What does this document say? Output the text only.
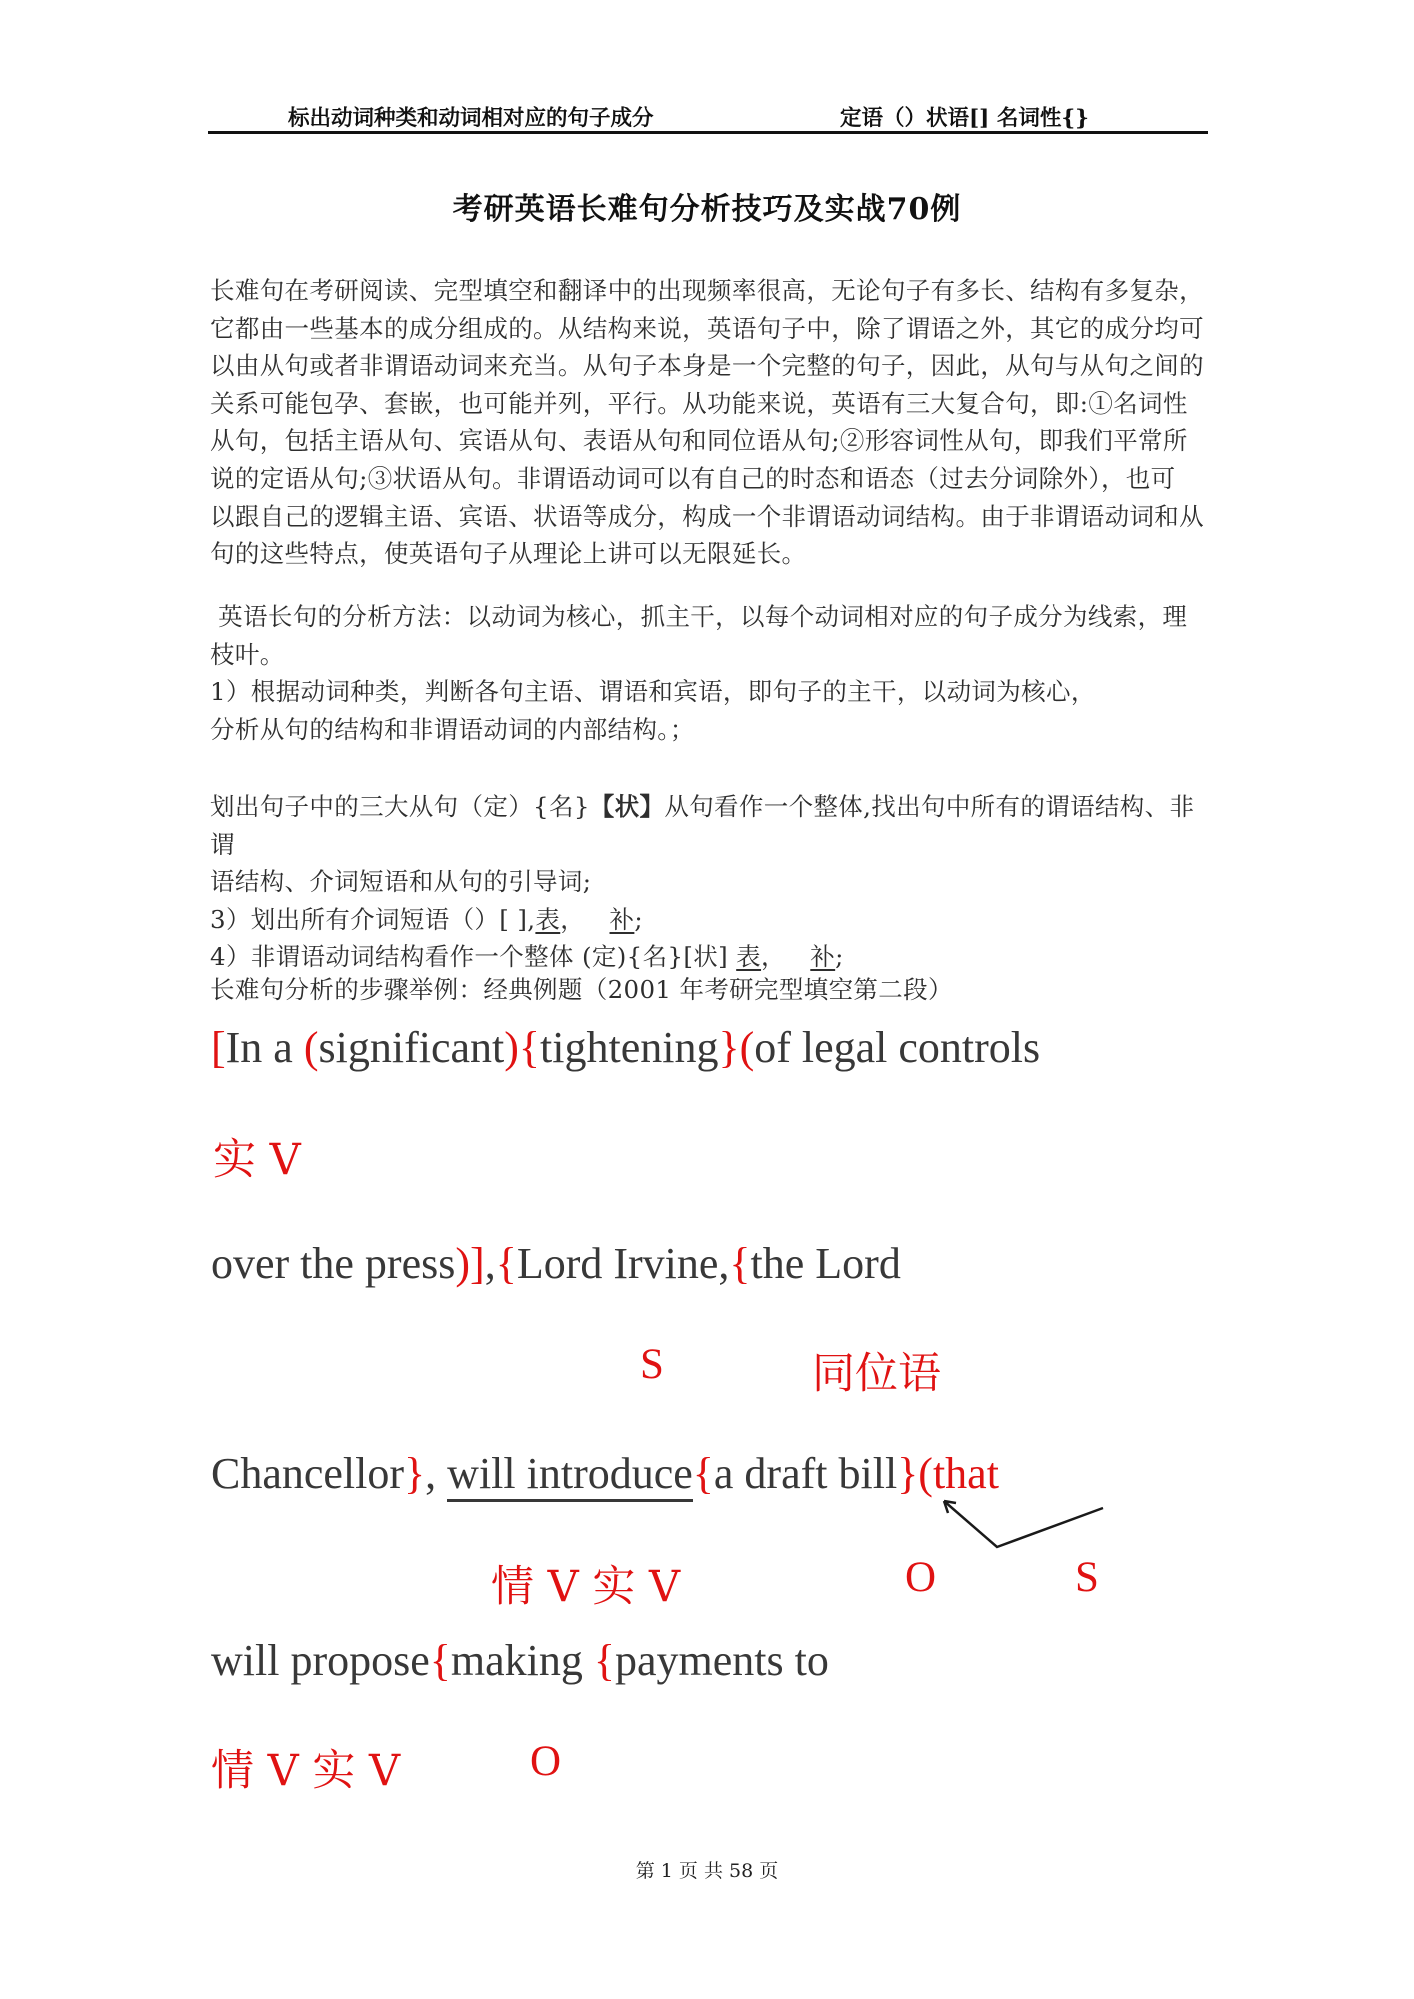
标出动词种类和动词相对应的句子成分	定语（）状语[] 名词性{}
考研英语长难句分析技巧及实战70例
长难句在考研阅读、完型填空和翻译中的出现频率很高，无论句子有多长、结构有多复杂，
它都由一些基本的成分组成的。从结构来说，英语句子中，除了谓语之外，其它的成分均可
以由从句或者非谓语动词来充当。从句子本身是一个完整的句子，因此，从句与从句之间的
关系可能包孕、套嵌，也可能并列，平行。从功能来说，英语有三大复合句，即:①名词性
从句，包括主语从句、宾语从句、表语从句和同位语从句;②形容词性从句，即我们平常所
说的定语从句;③状语从句。非谓语动词可以有自己的时态和语态（过去分词除外），也可
以跟自己的逻辑主语、宾语、状语等成分，构成一个非谓语动词结构。由于非谓语动词和从
句的这些特点，使英语句子从理论上讲可以无限延长。
英语长句的分析方法：以动词为核心，抓主干，以每个动词相对应的句子成分为线索，理
枝叶。
1）根据动词种类，判断各句主语、谓语和宾语，即句子的主干，以动词为核心，
分析从句的结构和非谓语动词的内部结构。；
划出句子中的三大从句（定）{名}【状】从句看作一个整体,找出句中所有的谓语结构、非谓
语结构、介词短语和从句的引导词;
3）划出所有介词短语（）[ ],表，   补;
4）非谓语动词结构看作一个整体 (定){名}[状] 表，   补;
长难句分析的步骤举例：经典例题（2001 年考研完型填空第二段）
[In a (significant){tightening}(of legal controls
实 V
over the press)],{Lord Irvine,{the Lord
S	同位语
Chancellor}, will introduce{a draft bill}(that
情 V 实 V	O	S
will propose{making {payments to
情 V 实 V	O
第 1 页 共 58 页
